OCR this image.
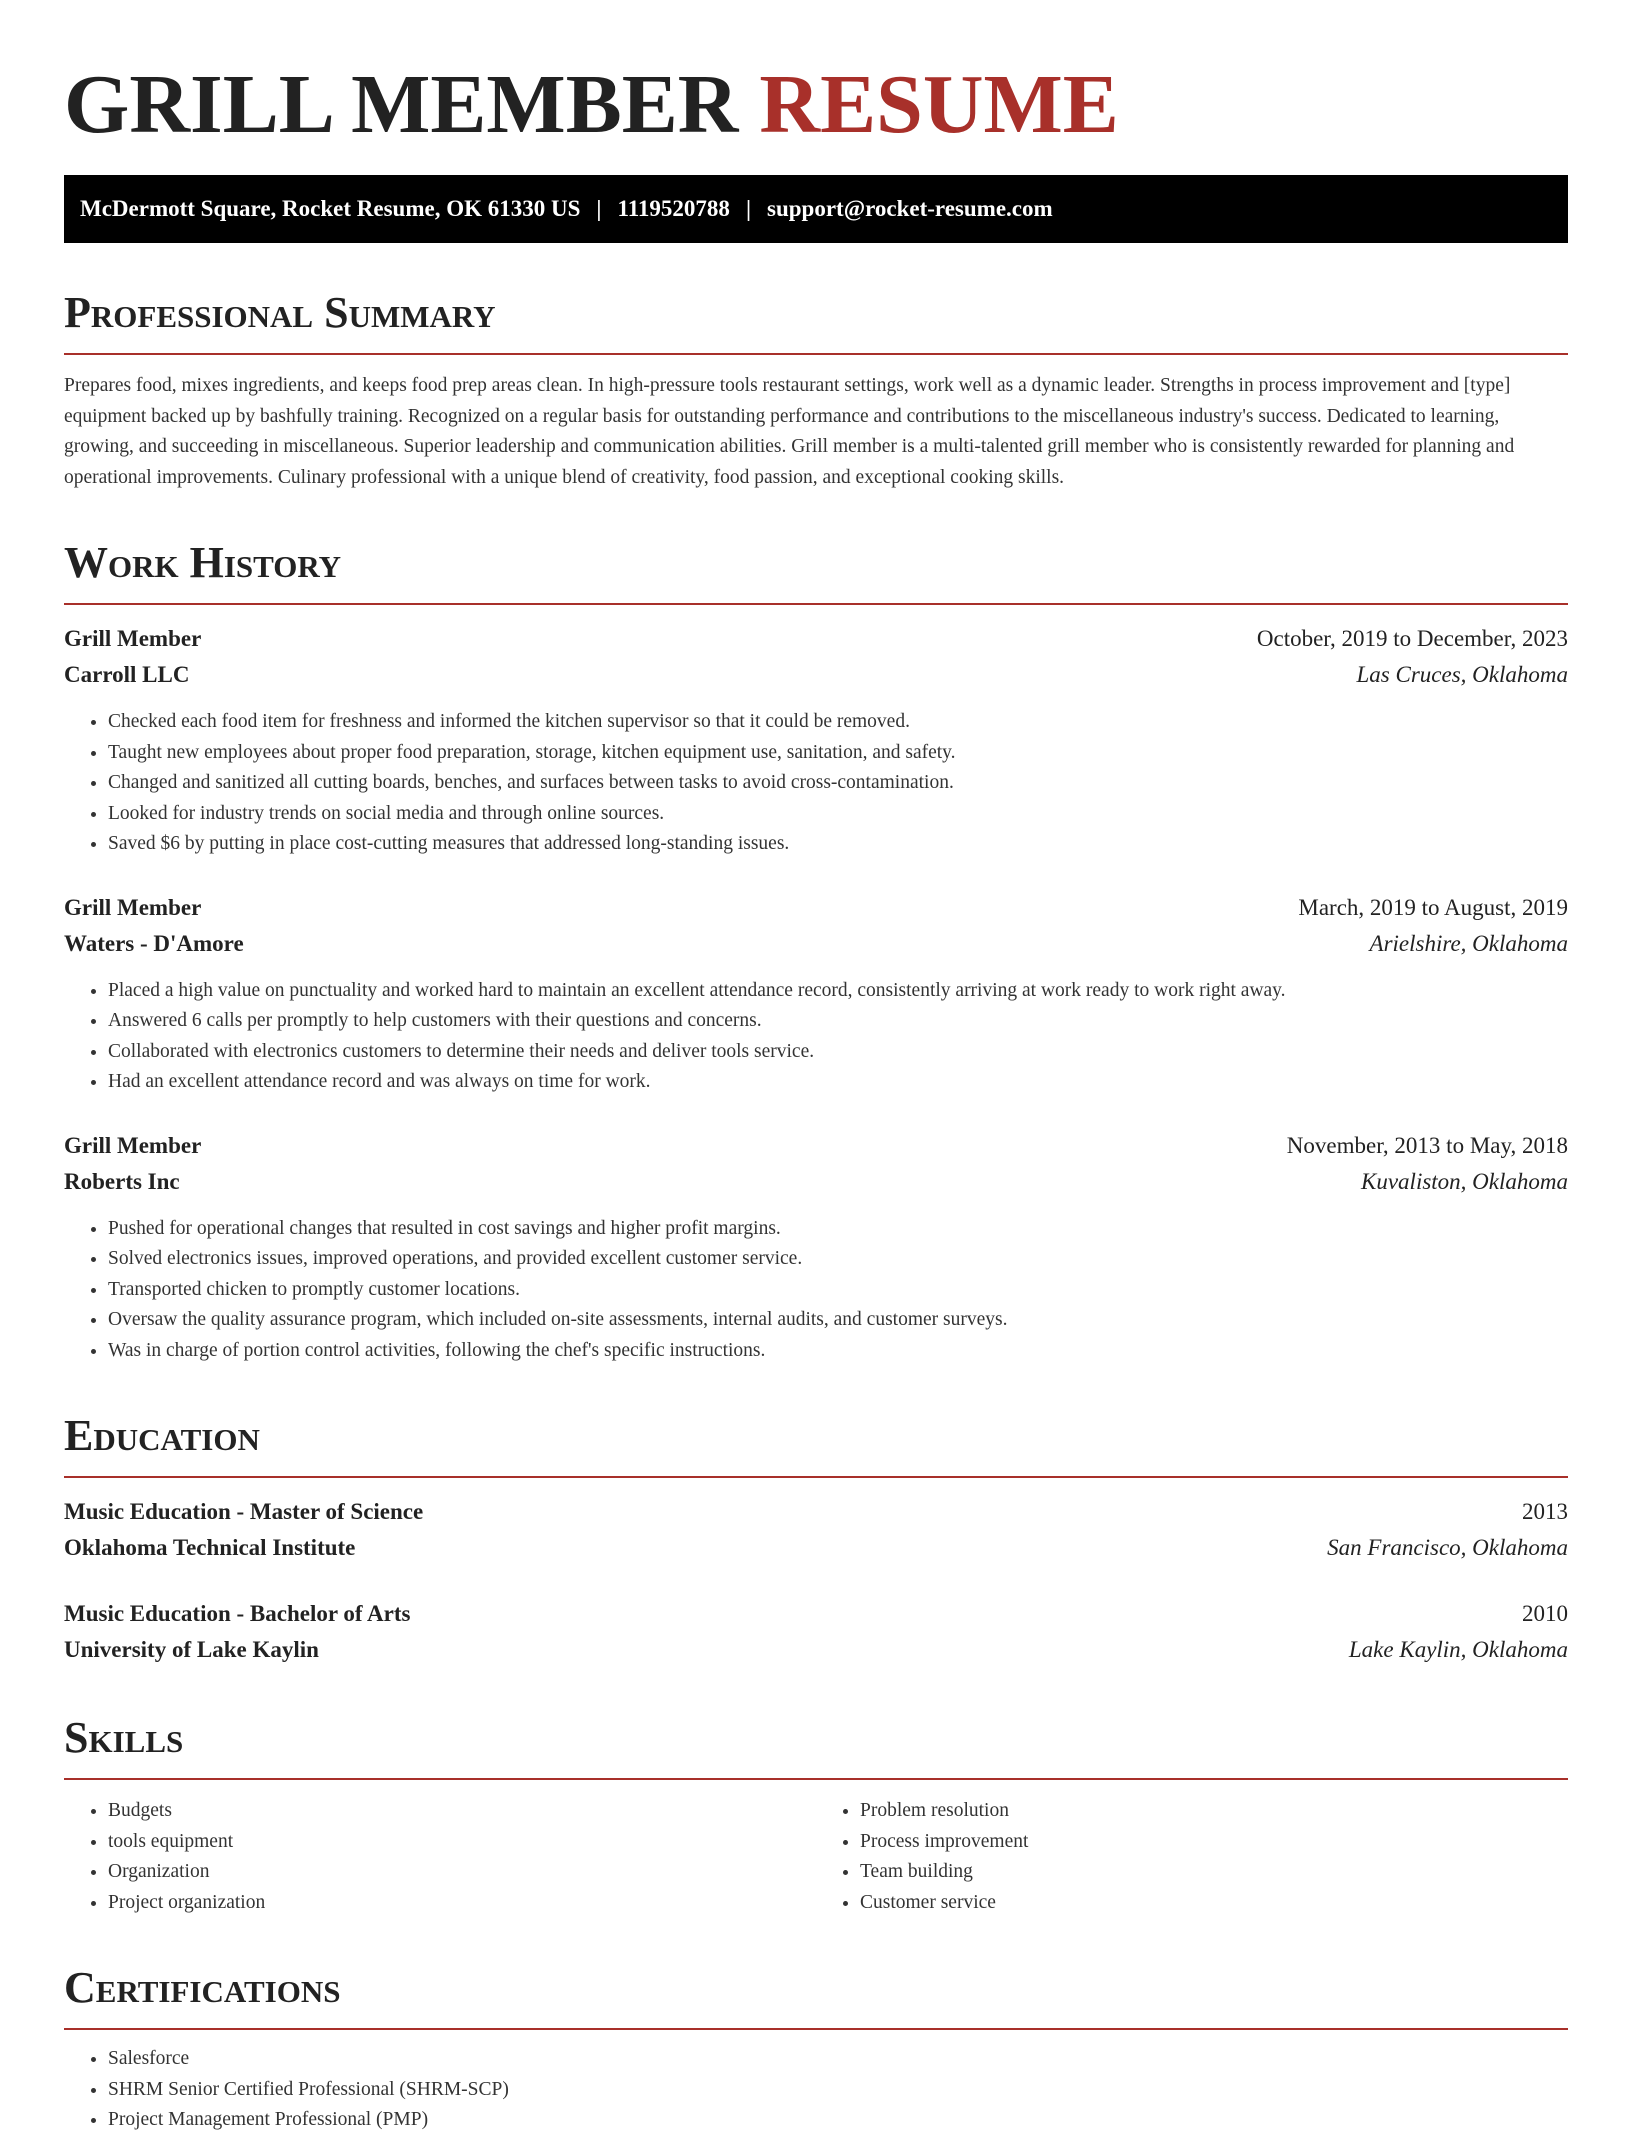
GRILL MEMBER RESUME
McDermott Square, Rocket Resume, OK 61330 US | 1119520788 | support@rocket-resume.com
Professional Summary

Prepares food, mixes ingredients, and keeps food prep areas clean. In high-pressure tools restaurant settings, work well as a dynamic leader. Strengths in process improvement and [type] equipment backed up by bashfully training. Recognized on a regular basis for outstanding performance and contributions to the miscellaneous industry's success. Dedicated to learning, growing, and succeeding in miscellaneous. Superior leadership and communication abilities. Grill member is a multi-talented grill member who is consistently rewarded for planning and operational improvements. Culinary professional with a unique blend of creativity, food passion, and exceptional cooking skills.

Work History
Grill Member	October, 2019 to December, 2023
Carroll LLC	Las Cruces, Oklahoma
• Checked each food item for freshness and informed the kitchen supervisor so that it could be removed.
• Taught new employees about proper food preparation, storage, kitchen equipment use, sanitation, and safety.
• Changed and sanitized all cutting boards, benches, and surfaces between tasks to avoid cross-contamination.
• Looked for industry trends on social media and through online sources.
• Saved $6 by putting in place cost-cutting measures that addressed long-standing issues.
Grill Member	March, 2019 to August, 2019
Waters - D'Amore	Arielshire, Oklahoma
• Placed a high value on punctuality and worked hard to maintain an excellent attendance record, consistently arriving at work ready to work right away.
• Answered 6 calls per promptly to help customers with their questions and concerns.
• Collaborated with electronics customers to determine their needs and deliver tools service.
• Had an excellent attendance record and was always on time for work.
Grill Member	November, 2013 to May, 2018
Roberts Inc	Kuvaliston, Oklahoma
• Pushed for operational changes that resulted in cost savings and higher profit margins.
• Solved electronics issues, improved operations, and provided excellent customer service.
• Transported chicken to promptly customer locations.
• Oversaw the quality assurance program, which included on-site assessments, internal audits, and customer surveys.
• Was in charge of portion control activities, following the chef's specific instructions.
Education
Music Education - Master of Science	2013
Oklahoma Technical Institute	San Francisco, Oklahoma
Music Education - Bachelor of Arts	2010
University of Lake Kaylin	Lake Kaylin, Oklahoma
Skills
• Budgets
• tools equipment
• Organization
• Project organization
• Problem resolution
• Process improvement
• Team building
• Customer service
Certifications
• Salesforce
• SHRM Senior Certified Professional (SHRM-SCP)
• Project Management Professional (PMP)
